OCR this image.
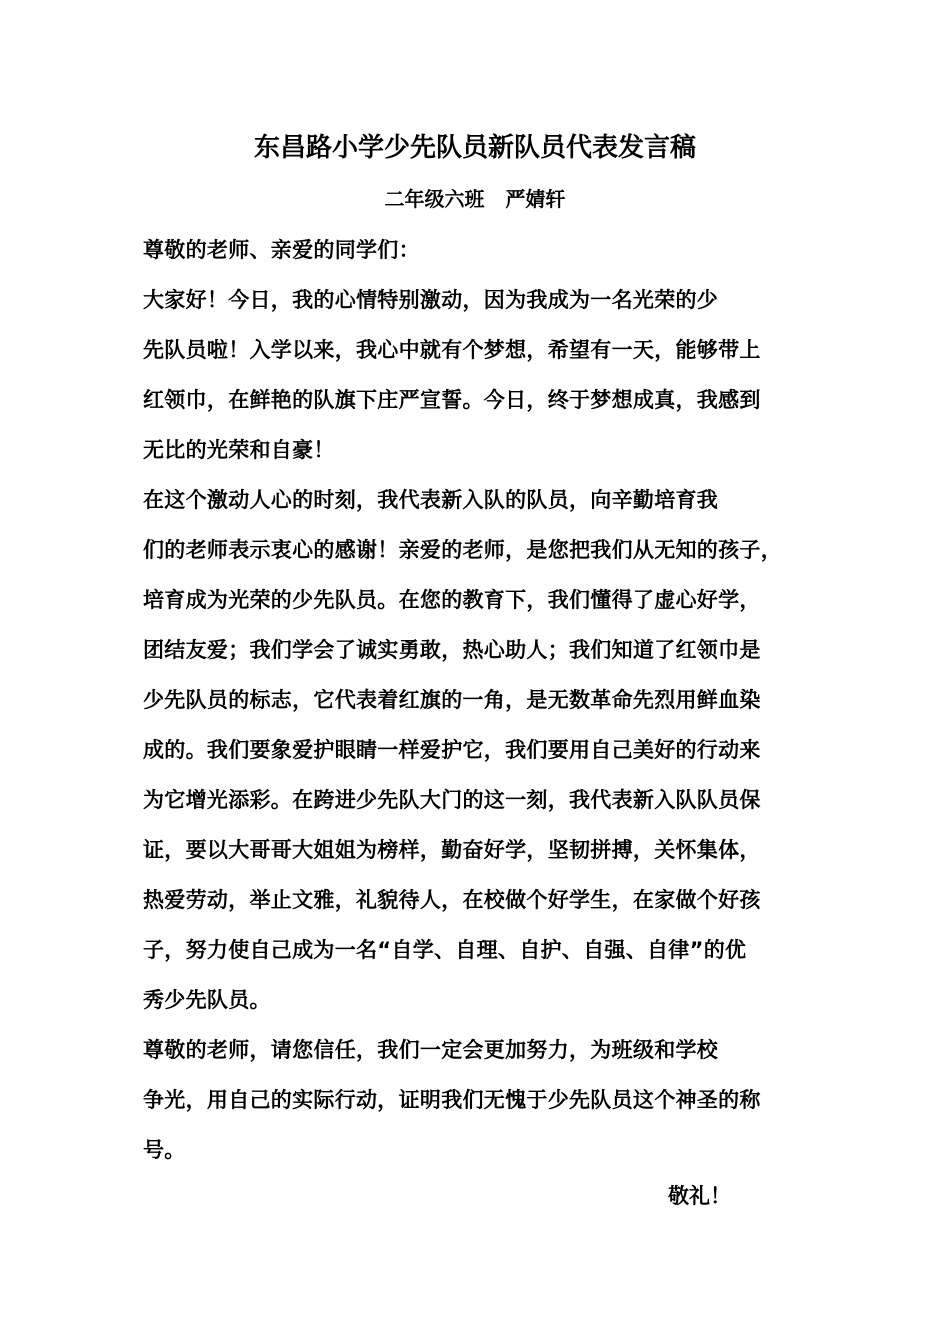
东昌路小学少先队员新队员代表发言稿
二年级六班   严婧轩
尊敬的老师、亲爱的同学们：
大家好！今日，我的心情特别激动，因为我成为一名光荣的少
先队员啦！入学以来，我心中就有个梦想，希望有一天，能够带上
红领巾，在鲜艳的队旗下庄严宣誓。今日，终于梦想成真，我感到
无比的光荣和自豪！
在这个激动人心的时刻，我代表新入队的队员，向辛勤培育我
们的老师表示衷心的感谢！亲爱的老师，是您把我们从无知的孩子，
培育成为光荣的少先队员。在您的教育下，我们懂得了虚心好学，
团结友爱；我们学会了诚实勇敢，热心助人；我们知道了红领巾是
少先队员的标志，它代表着红旗的一角，是无数革命先烈用鲜血染
成的。我们要象爱护眼睛一样爱护它，我们要用自己美好的行动来
为它增光添彩。在跨进少先队大门的这一刻，我代表新入队队员保
证，要以大哥哥大姐姐为榜样，勤奋好学，坚韧拼搏，关怀集体，
热爱劳动，举止文雅，礼貌待人，在校做个好学生，在家做个好孩
子，努力使自己成为一名“自学、自理、自护、自强、自律”的优
秀少先队员。
尊敬的老师，请您信任，我们一定会更加努力，为班级和学校
争光，用自己的实际行动，证明我们无愧于少先队员这个神圣的称
号。
敬礼！
